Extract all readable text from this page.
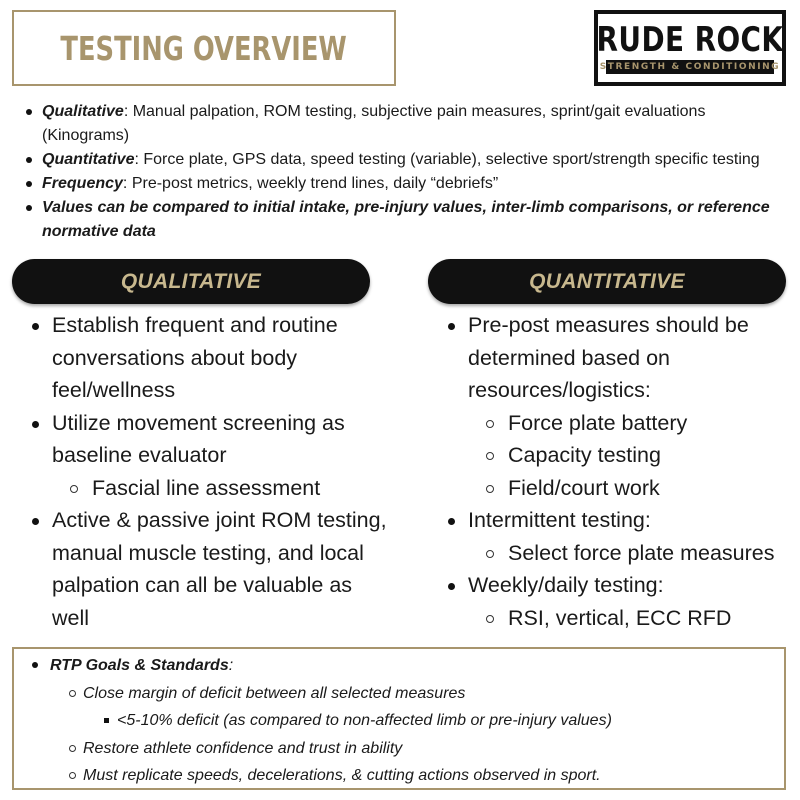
TESTING OVERVIEW	RUDE ROCK
STRENGTH & CONDITIONING
Qualitative: Manual palpation, ROM testing, subjective pain measures, sprint/gait evaluations (Kinograms)
Quantitative: Force plate, GPS data, speed testing (variable), selective sport/strength specific testing
Frequency: Pre-post metrics, weekly trend lines, daily “debriefs”
Values can be compared to initial intake, pre-injury values, inter-limb comparisons, or reference normative data
QUALITATIVE	QUANTITATIVE
Establish frequent and routine conversations about body feel/wellness
Utilize movement screening as baseline evaluator
Fascial line assessment
Active & passive joint ROM testing, manual muscle testing, and local palpation can all be valuable as well
Pre-post measures should be determined based on resources/logistics:
Force plate battery
Capacity testing
Field/court work
Intermittent testing:
Select force plate measures
Weekly/daily testing:
RSI, vertical, ECC RFD
RTP Goals & Standards:
Close margin of deficit between all selected measures
<5-10% deficit (as compared to non-affected limb or pre-injury values)
Restore athlete confidence and trust in ability
Must replicate speeds, decelerations, & cutting actions observed in sport.
